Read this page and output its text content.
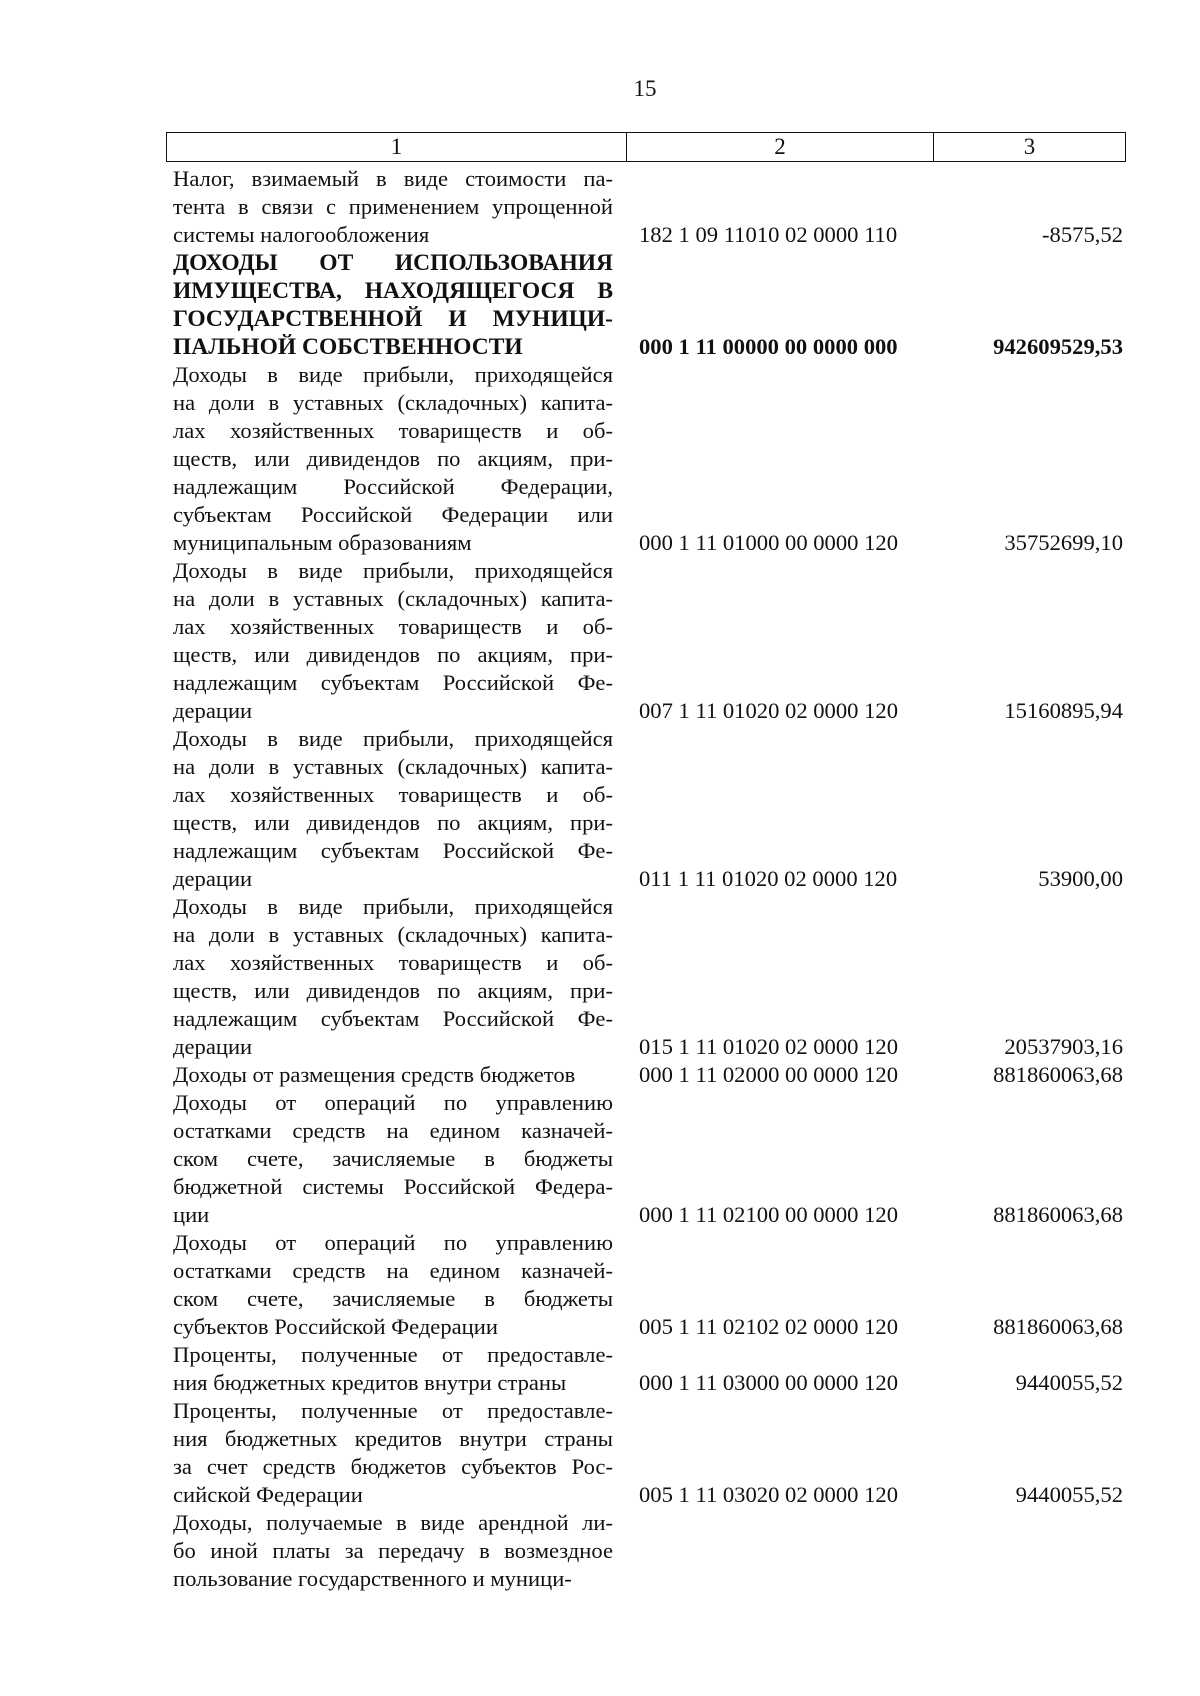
15
1	2	3
Налог, взимаемый в виде стоимости па-
тента в связи с применением упрощенной
системы налогообложения	182 1 09 11010 02 0000 110	-8575,52
ДОХОДЫ ОТ ИСПОЛЬЗОВАНИЯ
ИМУЩЕСТВА, НАХОДЯЩЕГОСЯ В
ГОСУДАРСТВЕННОЙ И МУНИЦИ-
ПАЛЬНОЙ СОБСТВЕННОСТИ	000 1 11 00000 00 0000 000	942609529,53
Доходы в виде прибыли, приходящейся
на доли в уставных (складочных) капита-
лах хозяйственных товариществ и об-
ществ, или дивидендов по акциям, при-
надлежащим Российской Федерации,
субъектам Российской Федерации или
муниципальным образованиям	000 1 11 01000 00 0000 120	35752699,10
Доходы в виде прибыли, приходящейся
на доли в уставных (складочных) капита-
лах хозяйственных товариществ и об-
ществ, или дивидендов по акциям, при-
надлежащим субъектам Российской Фе-
дерации	007 1 11 01020 02 0000 120	15160895,94
Доходы в виде прибыли, приходящейся
на доли в уставных (складочных) капита-
лах хозяйственных товариществ и об-
ществ, или дивидендов по акциям, при-
надлежащим субъектам Российской Фе-
дерации	011 1 11 01020 02 0000 120	53900,00
Доходы в виде прибыли, приходящейся
на доли в уставных (складочных) капита-
лах хозяйственных товариществ и об-
ществ, или дивидендов по акциям, при-
надлежащим субъектам Российской Фе-
дерации	015 1 11 01020 02 0000 120	20537903,16
Доходы от размещения средств бюджетов	000 1 11 02000 00 0000 120	881860063,68
Доходы от операций по управлению
остатками средств на едином казначей-
ском счете, зачисляемые в бюджеты
бюджетной системы Российской Федера-
ции	000 1 11 02100 00 0000 120	881860063,68
Доходы от операций по управлению
остатками средств на едином казначей-
ском счете, зачисляемые в бюджеты
субъектов Российской Федерации	005 1 11 02102 02 0000 120	881860063,68
Проценты, полученные от предоставле-
ния бюджетных кредитов внутри страны	000 1 11 03000 00 0000 120	9440055,52
Проценты, полученные от предоставле-
ния бюджетных кредитов внутри страны
за счет средств бюджетов субъектов Рос-
сийской Федерации	005 1 11 03020 02 0000 120	9440055,52
Доходы, получаемые в виде арендной ли-
бо иной платы за передачу в возмездное
пользование государственного и муници-
